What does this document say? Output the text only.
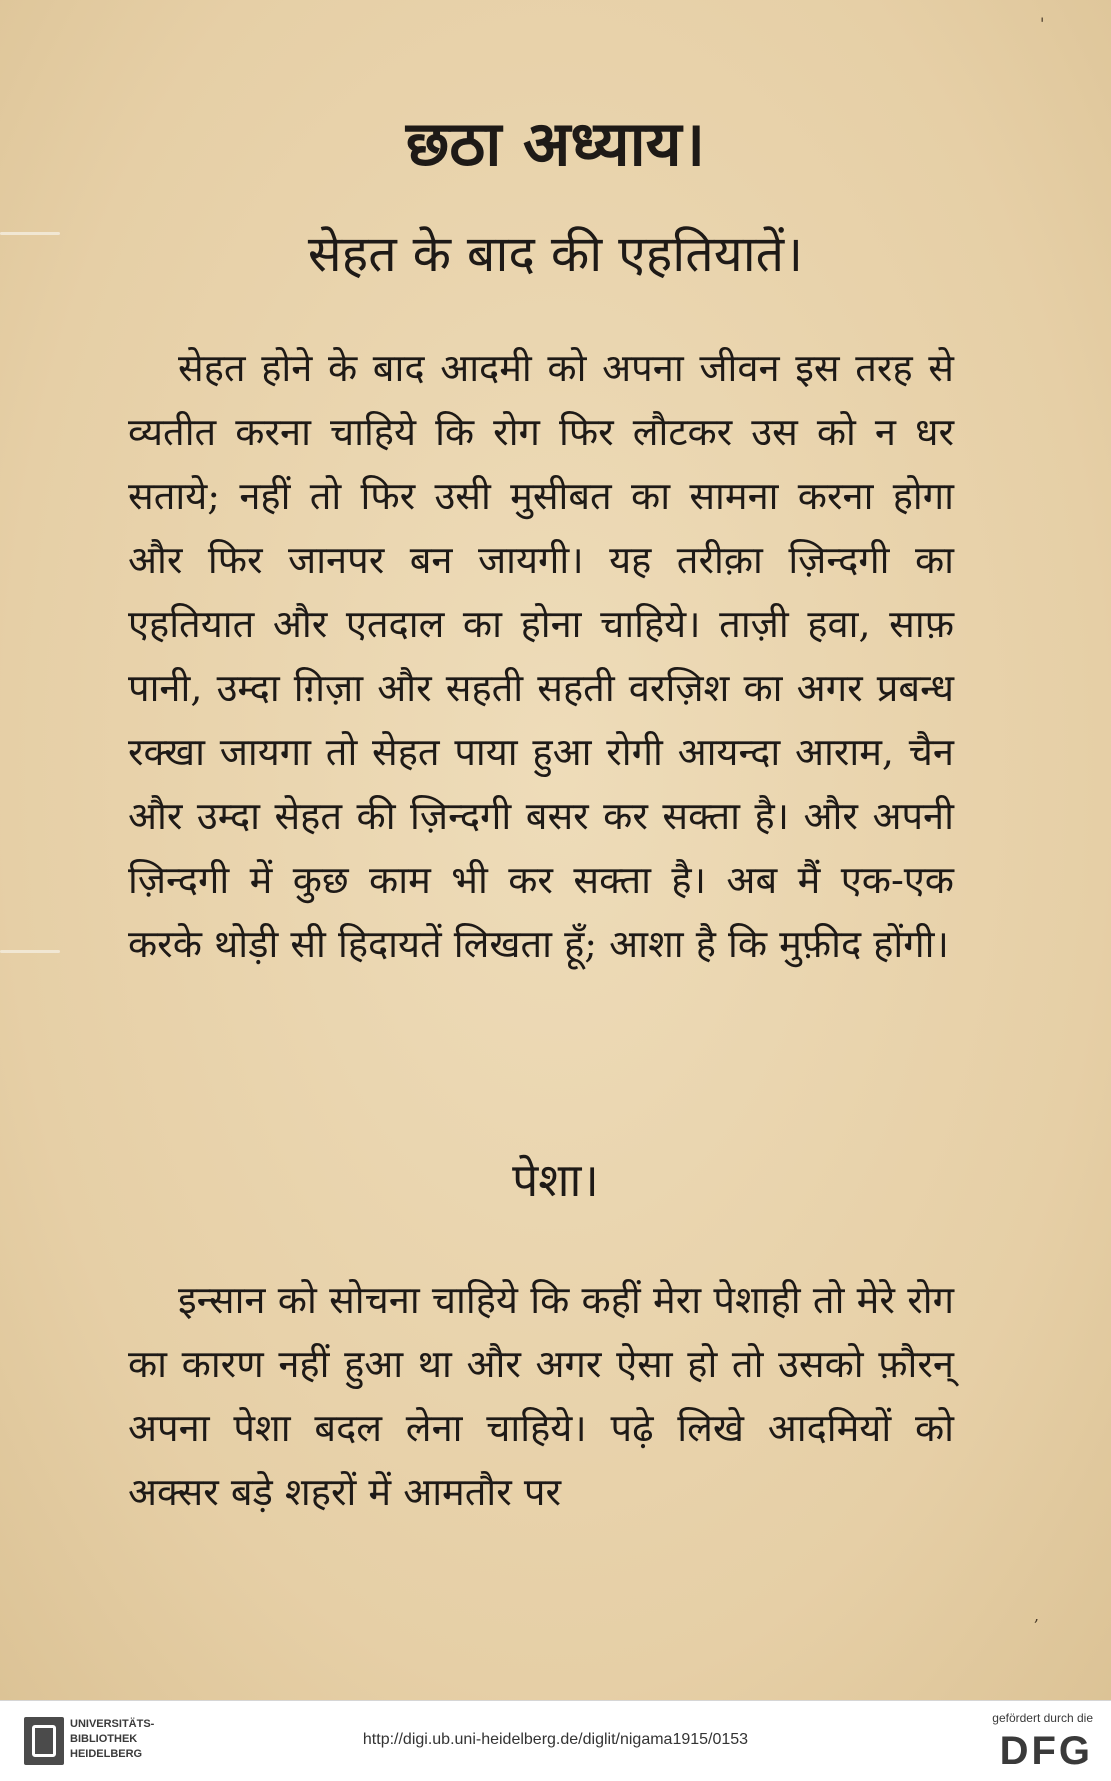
'
छठा अध्याय।
सेहत के बाद की एहतियातें।

सेहत होने के बाद आदमी को अपना जीवन इस तरह से व्यतीत करना चाहिये कि रोग फिर लौटकर उस को न धर सताये; नहीं तो फिर उसी मुसीबत का सामना करना होगा और फिर जानपर बन जायगी। यह तरीक़ा ज़िन्दगी का एहतियात और एतदाल का होना चाहिये। ताज़ी हवा, साफ़ पानी, उम्दा ग़िज़ा और सहती सहती वरज़िश का अगर प्रबन्ध रक्खा जायगा तो सेहत पाया हुआ रोगी आयन्दा आराम, चैन और उम्दा सेहत की ज़िन्दगी बसर कर सक्ता है। और अपनी ज़िन्दगी में कुछ काम भी कर सक्ता है। अब मैं एक-एक करके थोड़ी सी हिदायतें लिखता हूँ; आशा है कि मुफ़ीद होंगी।

पेशा।

इन्सान को सोचना चाहिये कि कहीं मेरा पेशाही तो मेरे रोग का कारण नहीं हुआ था और अगर ऐसा हो तो उसको फ़ौरन् अपना पेशा बदल लेना चाहिये। पढ़े लिखे आदमियों को अक्सर बड़े शहरों में आमतौर पर

,
UNIVERSITÄTS-
BIBLIOTHEK
HEIDELBERG
http://digi.ub.uni-heidelberg.de/diglit/nigama1915/0153
gefördert durch die
DFG
